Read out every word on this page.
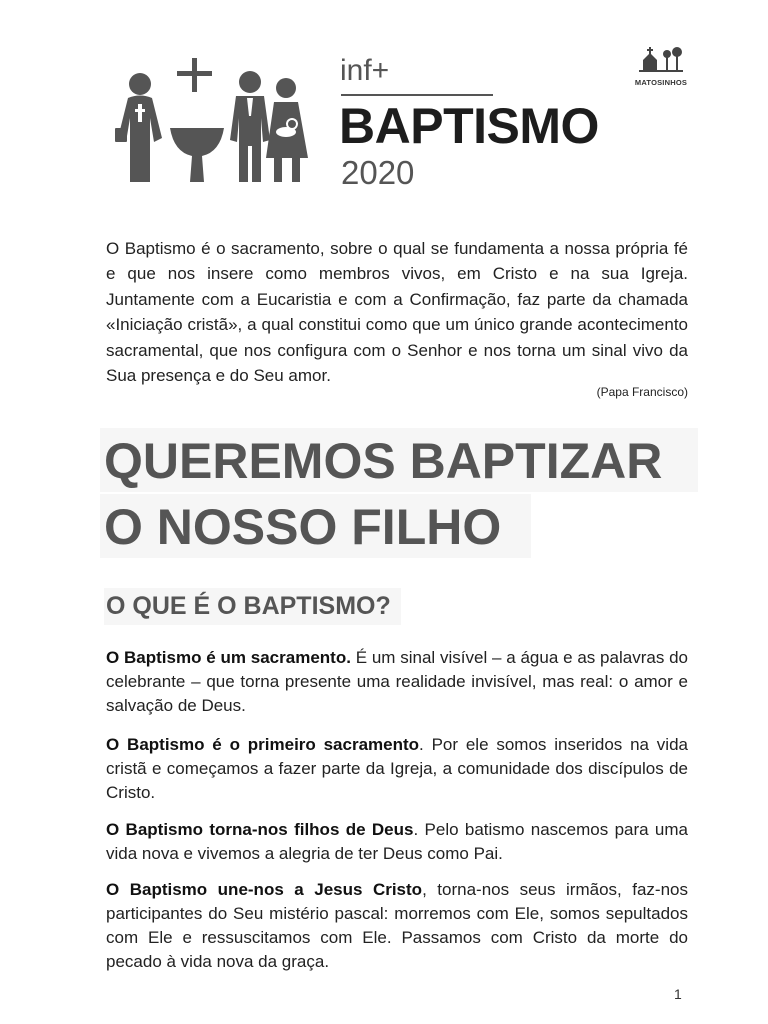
inf+
BAPTISMO
2020
MATOSINHOS

O Baptismo é o sacramento, sobre o qual se fundamenta a nossa própria fé e que nos insere como membros vivos, em Cristo e na sua Igreja. Juntamente com a Eucaristia e com a Confirmação, faz parte da chamada «Iniciação cristã», a qual constitui como que um único grande acontecimento sacramental, que nos configura com o Senhor e nos torna um sinal vivo da Sua presença e do Seu amor.

(Papa Francisco)
QUEREMOS BAPTIZAR
O NOSSO FILHO
O QUE É O BAPTISMO?

O Baptismo é um sacramento. É um sinal visível – a água e as palavras do celebrante – que torna presente uma realidade invisível, mas real: o amor e salvação de Deus.

O Baptismo é o primeiro sacramento. Por ele somos inseridos na vida cristã e começamos a fazer parte da Igreja, a comunidade dos discípulos de Cristo.

O Baptismo torna-nos filhos de Deus. Pelo batismo nascemos para uma vida nova e vivemos a alegria de ter Deus como Pai.

O Baptismo une-nos a Jesus Cristo, torna-nos seus irmãos, faz-nos participantes do Seu mistério pascal: morremos com Ele, somos sepultados com Ele e ressuscitamos com Ele. Passamos com Cristo da morte do pecado à vida nova da graça.

1
